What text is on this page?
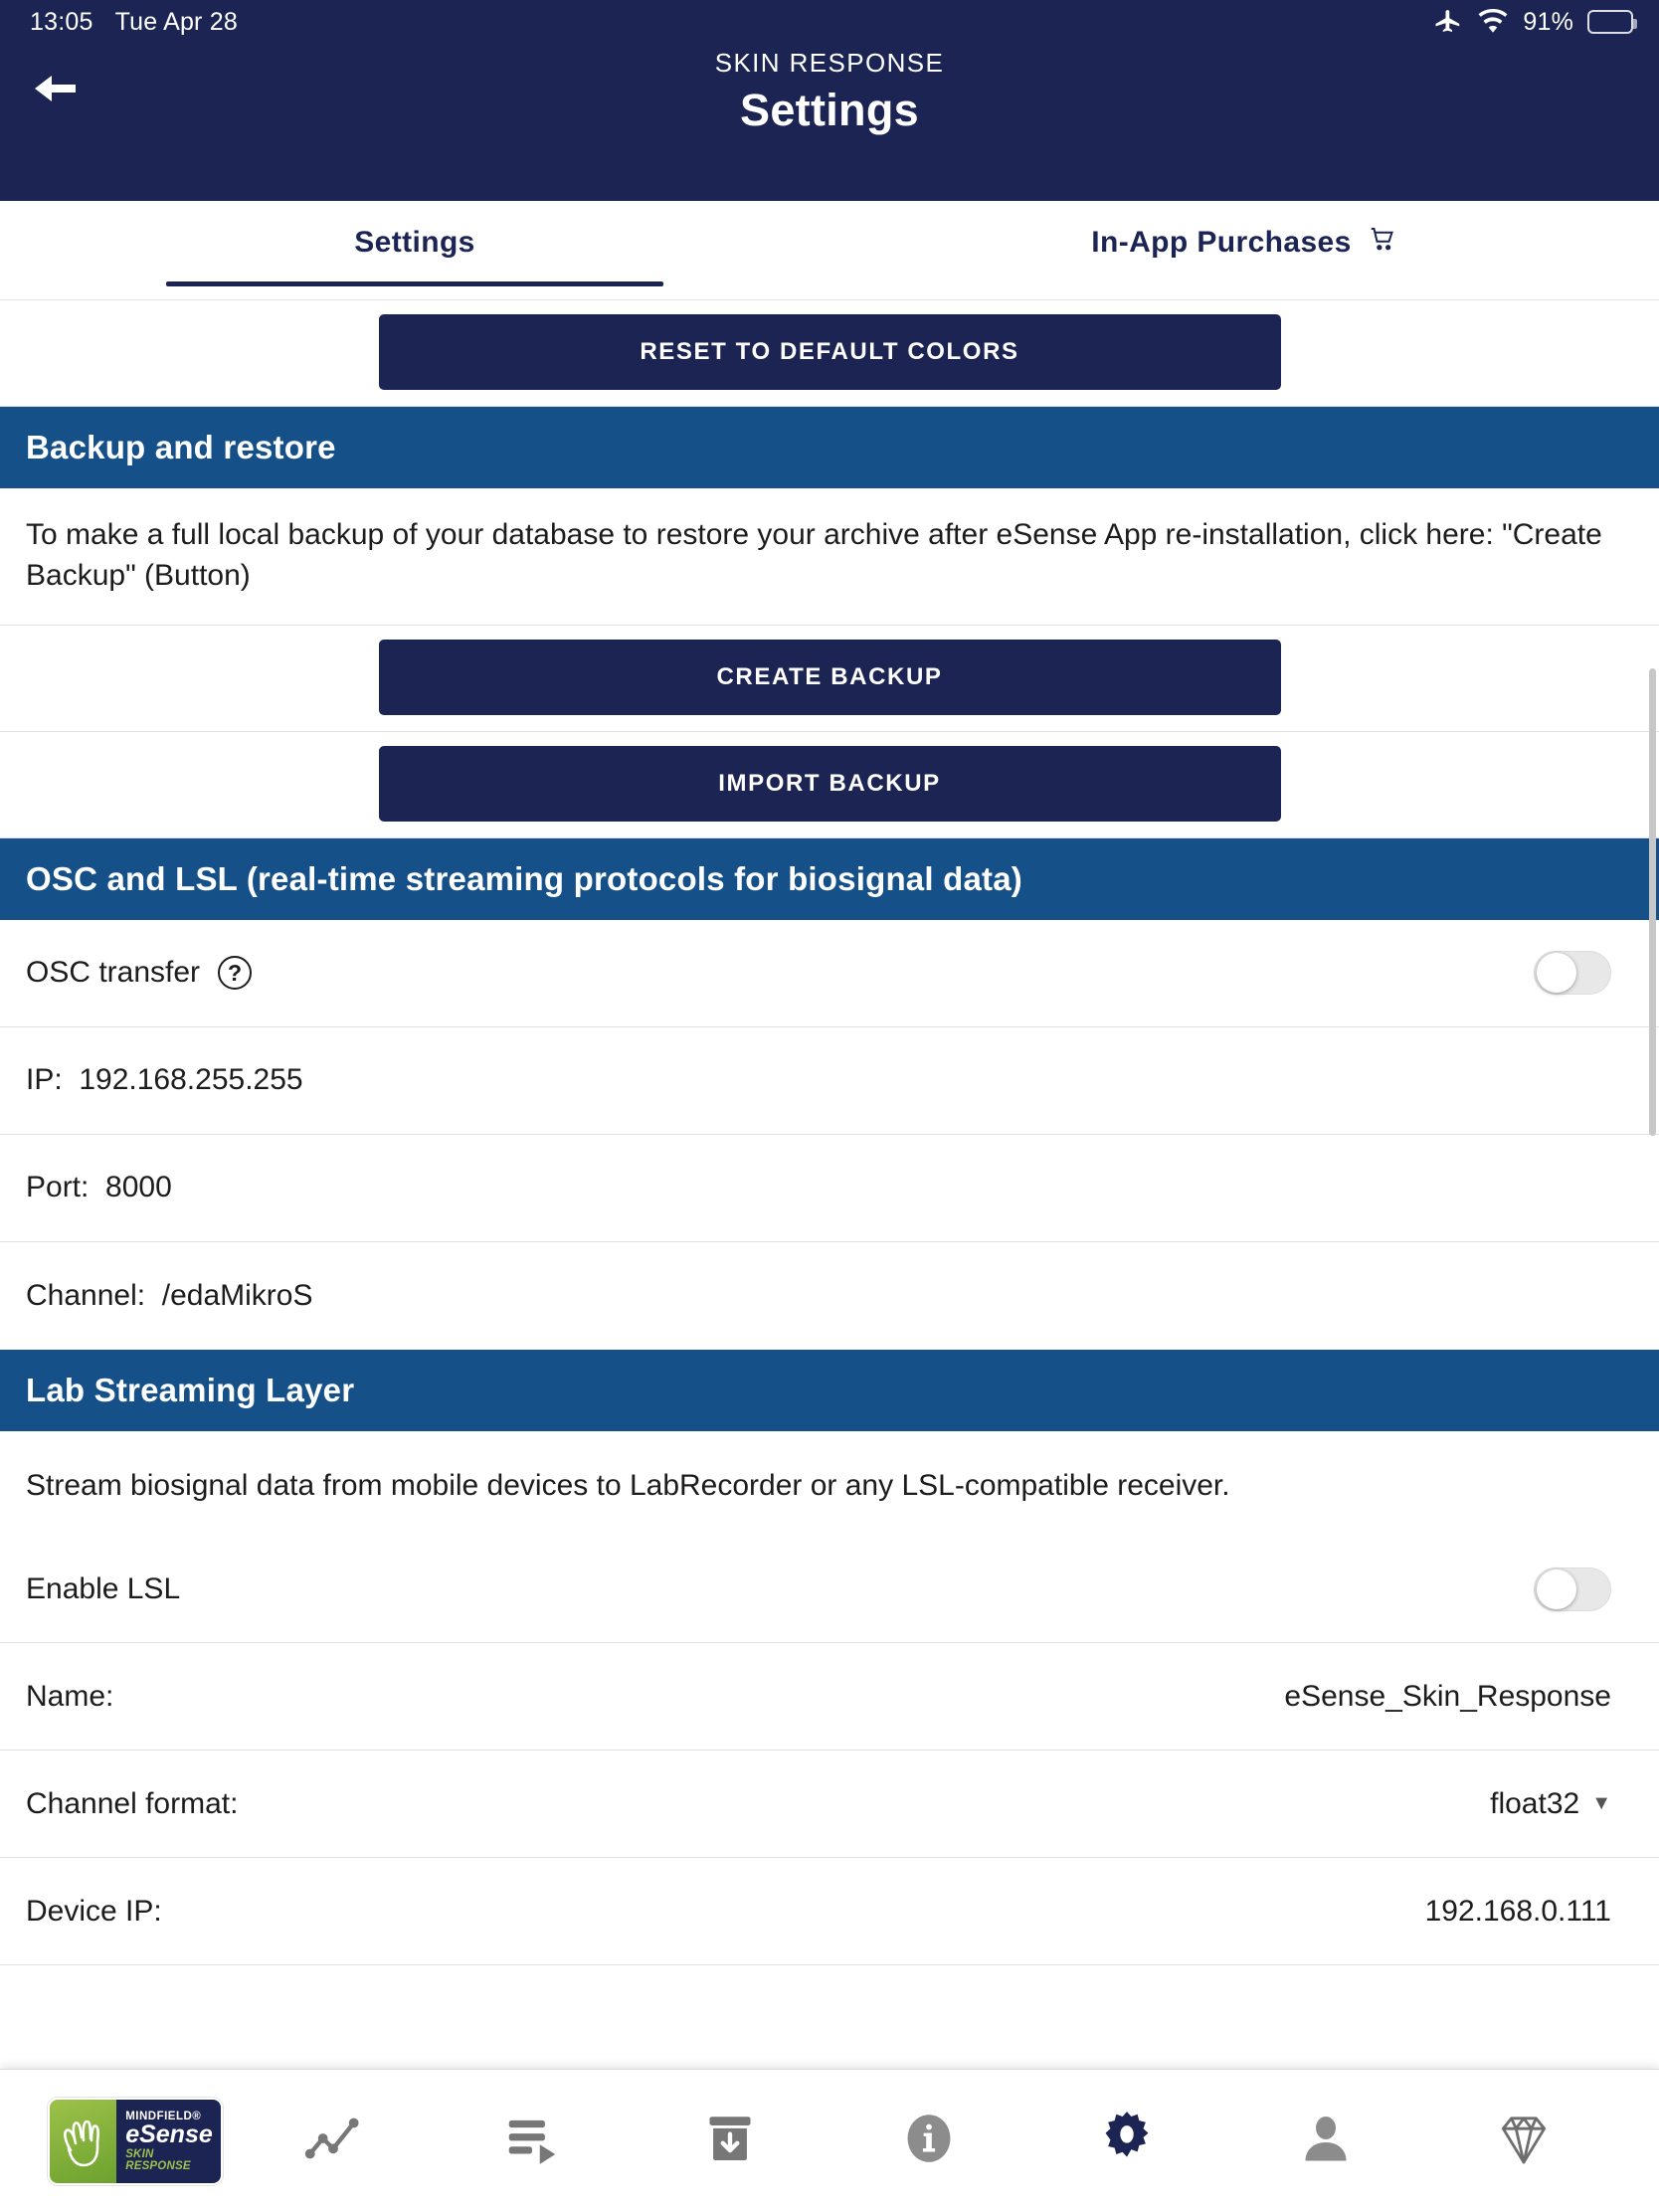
13:05 Tue Apr 28	91%
SKIN RESPONSE
Settings
Settings	In-App Purchases
RESET TO DEFAULT COLORS
Backup and restore
To make a full local backup of your database to restore your archive after eSense App re-installation, click here: "Create Backup" (Button)
CREATE BACKUP
IMPORT BACKUP
OSC and LSL (real-time streaming protocols for biosignal data)
OSC transfer	?
IP: 192.168.255.255
Port: 8000
Channel: /edaMikroS
Lab Streaming Layer
Stream biosignal data from mobile devices to LabRecorder or any LSL-compatible receiver.
Enable LSL
Name:	eSense_Skin_Response
Channel format:	float32 ▼
Device IP:	192.168.0.111
MINDFIELD®
eSense
SKIN RESPONSE
